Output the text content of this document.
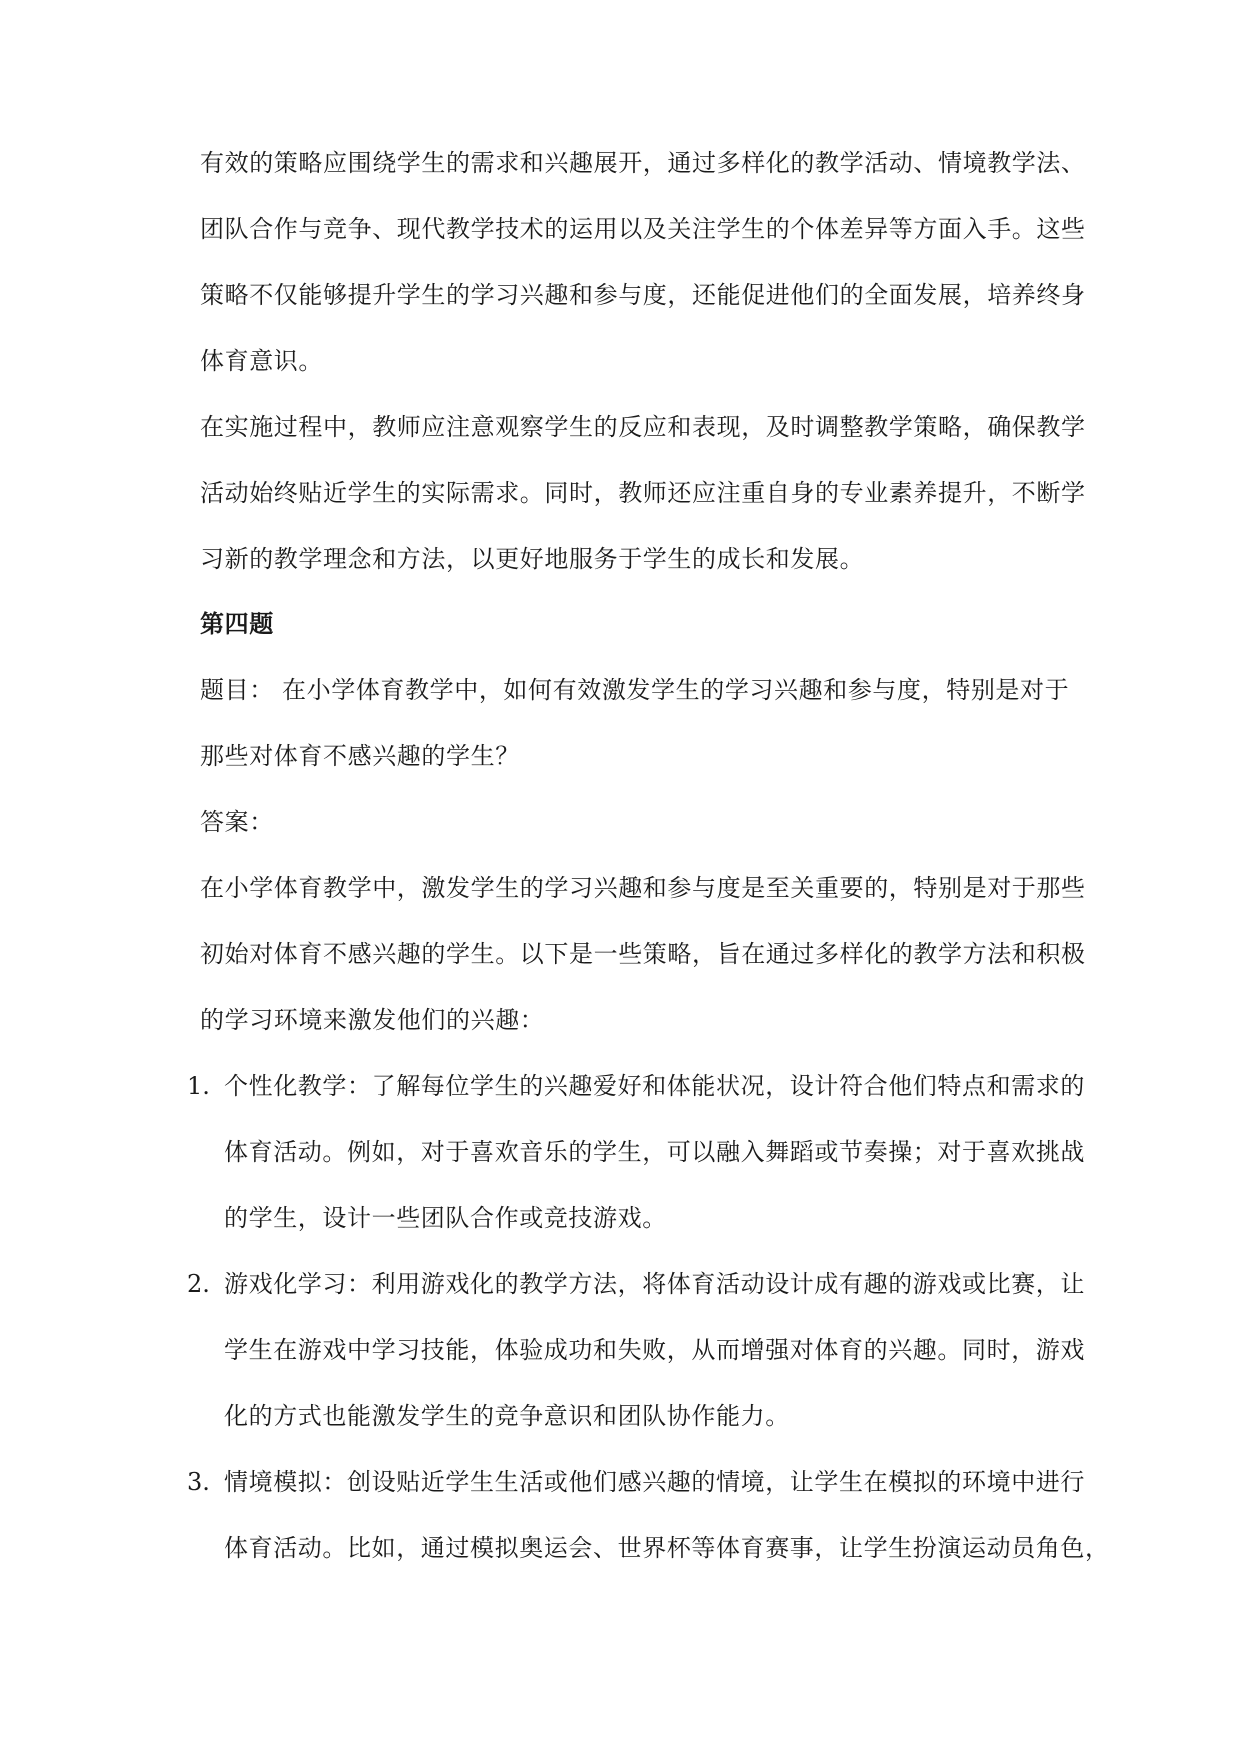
有效的策略应围绕学生的需求和兴趣展开，通过多样化的教学活动、情境教学法、
团队合作与竞争、现代教学技术的运用以及关注学生的个体差异等方面入手。这些
策略不仅能够提升学生的学习兴趣和参与度，还能促进他们的全面发展，培养终身
体育意识。
在实施过程中，教师应注意观察学生的反应和表现，及时调整教学策略，确保教学
活动始终贴近学生的实际需求。同时，教师还应注重自身的专业素养提升，不断学
习新的教学理念和方法，以更好地服务于学生的成长和发展。
第四题
题目： 在小学体育教学中，如何有效激发学生的学习兴趣和参与度，特别是对于
那些对体育不感兴趣的学生？
答案：
在小学体育教学中，激发学生的学习兴趣和参与度是至关重要的，特别是对于那些
初始对体育不感兴趣的学生。以下是一些策略，旨在通过多样化的教学方法和积极
的学习环境来激发他们的兴趣：
1. 个性化教学：了解每位学生的兴趣爱好和体能状况，设计符合他们特点和需求的
体育活动。例如，对于喜欢音乐的学生，可以融入舞蹈或节奏操；对于喜欢挑战
的学生，设计一些团队合作或竞技游戏。
2. 游戏化学习：利用游戏化的教学方法，将体育活动设计成有趣的游戏或比赛，让
学生在游戏中学习技能，体验成功和失败，从而增强对体育的兴趣。同时，游戏
化的方式也能激发学生的竞争意识和团队协作能力。
3. 情境模拟：创设贴近学生生活或他们感兴趣的情境，让学生在模拟的环境中进行
体育活动。比如，通过模拟奥运会、世界杯等体育赛事，让学生扮演运动员角色，
